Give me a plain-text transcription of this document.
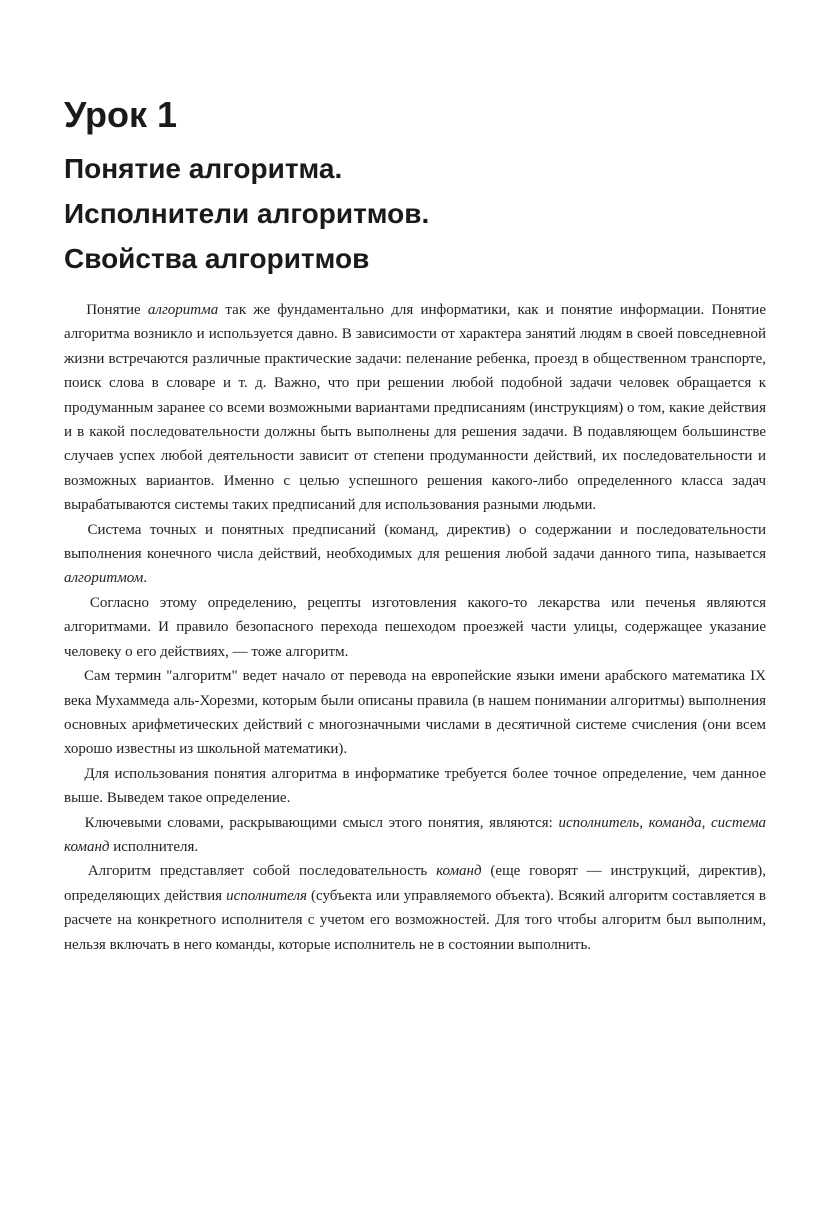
Урок 1
Понятие алгоритма.
Исполнители алгоритмов.
Свойства алгоритмов

  Понятие алгоритма так же фундаментально для информатики, как и понятие информации. Понятие алгоритма возникло и используется давно. В зависимости от характера занятий людям в своей повседневной жизни встречаются различные практические задачи: пеленание ребенка, проезд в общественном транспорте, поиск слова в словаре и т. д. Важно, что при решении любой подобной задачи человек обращается к продуманным заранее со всеми возможными вариантами предписаниям (инструкциям) о том, какие действия и в какой последовательности должны быть выполнены для решения задачи. В подавляющем большинстве случаев успех любой деятельности зависит от степени продуманности действий, их последовательности и возможных вариантов. Именно с целью успешного решения какого-либо определенного класса задач вырабатываются системы таких предписаний для использования разными людьми.

  Система точных и понятных предписаний (команд, директив) о содержании и последовательности выполнения конечного числа действий, необходимых для решения любой задачи данного типа, называется алгоритмом.

  Согласно этому определению, рецепты изготовления какого-то лекарства или печенья являются алгоритмами. И правило безопасного перехода пешеходом проезжей части улицы, содержащее указание человеку о его действиях, — тоже алгоритм.

  Сам термин "алгоритм" ведет начало от перевода на европейские языки имени арабского математика IX века Мухаммеда аль-Хорезми, которым были описаны правила (в нашем понимании алгоритмы) выполнения основных арифметических действий с многозначными числами в десятичной системе счисления (они всем хорошо известны из школьной математики).

  Для использования понятия алгоритма в информатике требуется более точное определение, чем данное выше. Выведем такое определение.

  Ключевыми словами, раскрывающими смысл этого понятия, являются: исполнитель, команда, система команд исполнителя.

  Алгоритм представляет собой последовательность команд (еще говорят — инструкций, директив), определяющих действия исполнителя (субъекта или управляемого объекта). Всякий алгоритм составляется в расчете на конкретного исполнителя с учетом его возможностей. Для того чтобы алгоритм был выполним, нельзя включать в него команды, которые исполнитель не в состоянии выполнить.
